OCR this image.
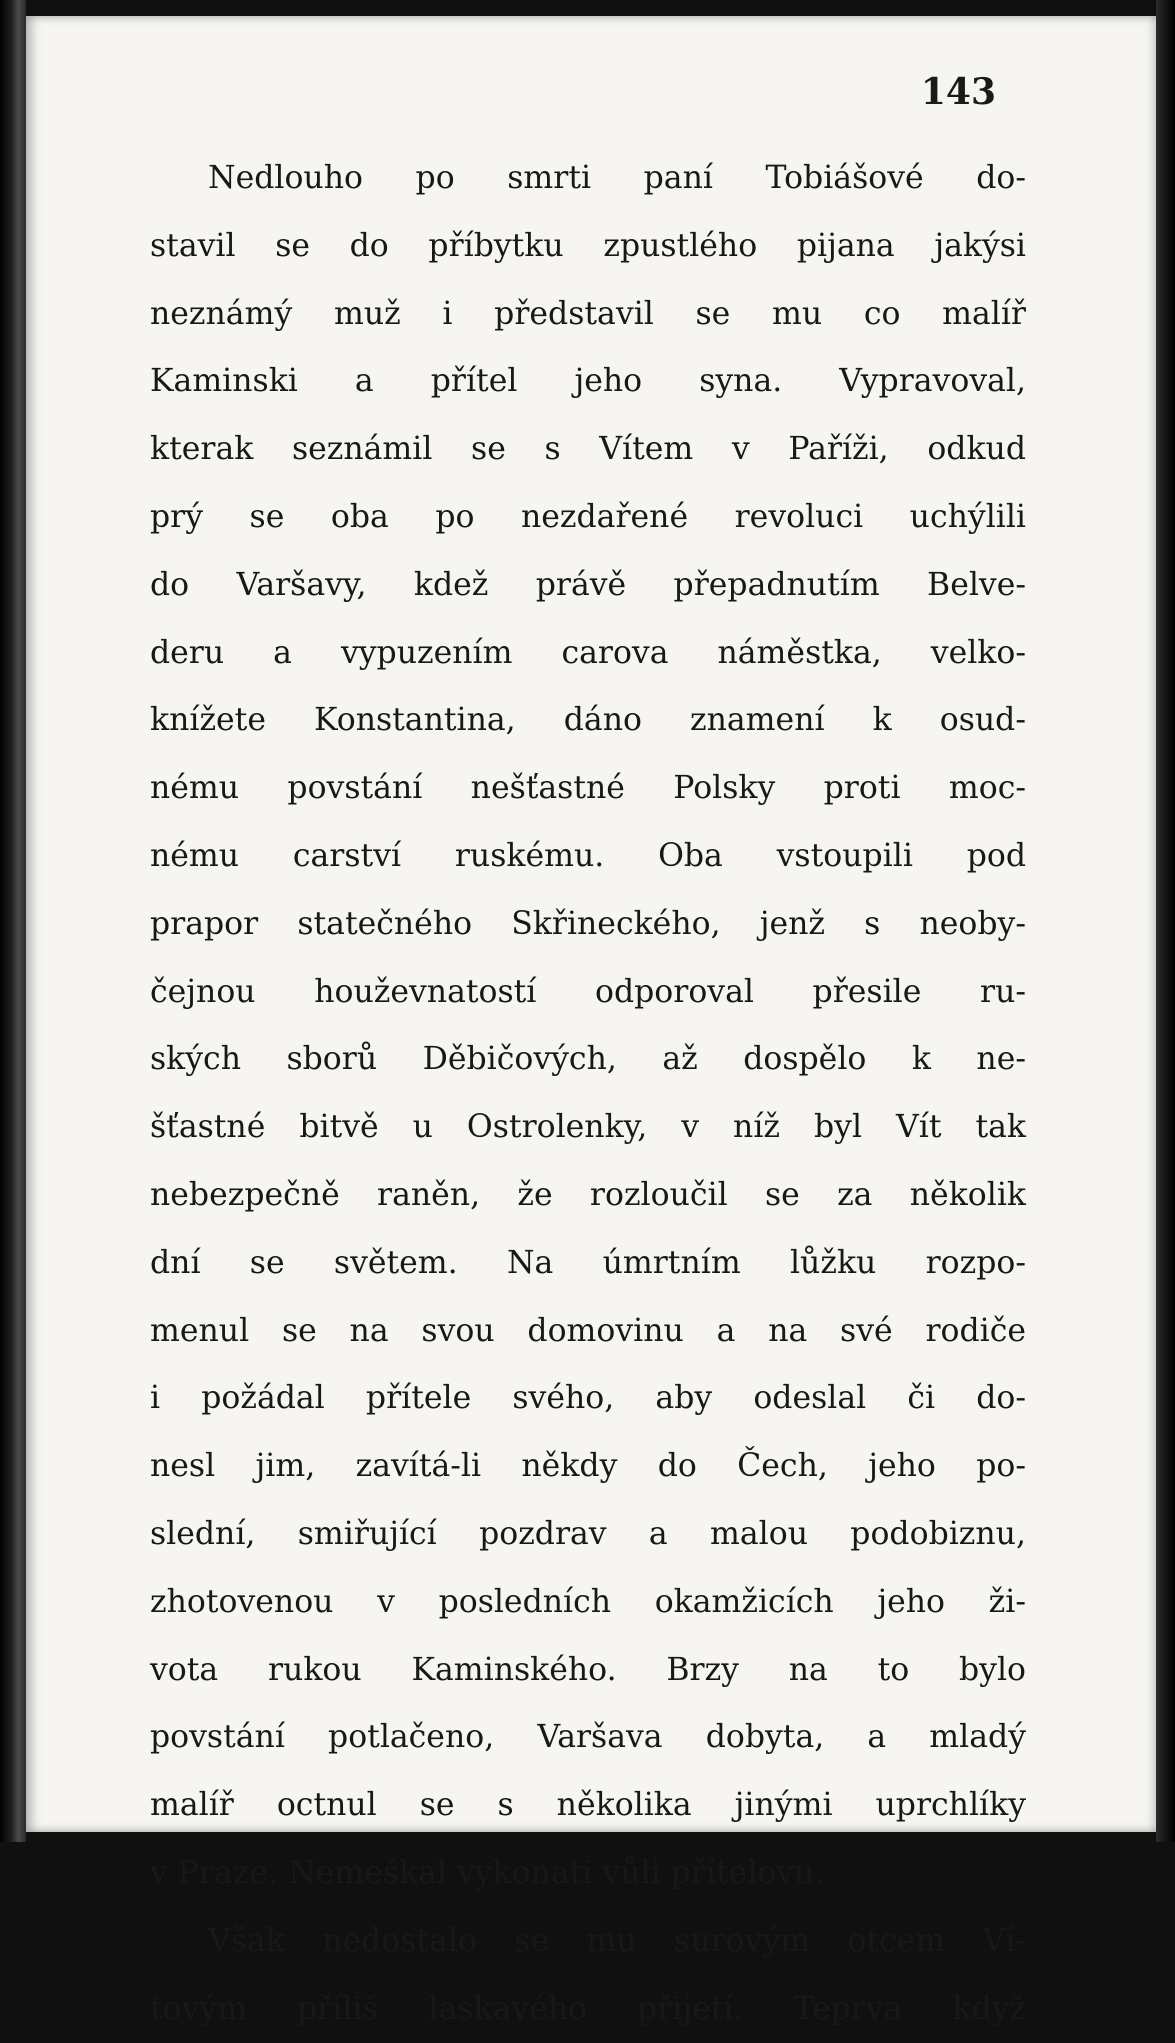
143

Nedlouho po smrti paní Tobiášové do-
stavil se do příbytku zpustlého pijana jakýsi
neznámý muž i představil se mu co malíř
Kaminski a přítel jeho syna. Vypravoval,
kterak seznámil se s Vítem v Paříži, odkud
prý se oba po nezdařené revoluci uchýlili
do Varšavy, kdež právě přepadnutím Belve-
deru a vypuzením carova náměstka, velko-
knížete Konstantina, dáno znamení k osud-
nému povstání nešťastné Polsky proti moc-
nému carství ruskému. Oba vstoupili pod
prapor statečného Skřineckého, jenž s neoby-
čejnou houževnatostí odporoval přesile ru-
ských sborů Děbičových, až dospělo k ne-
šťastné bitvě u Ostrolenky, v níž byl Vít tak
nebezpečně raněn, že rozloučil se za několik
dní se světem. Na úmrtním lůžku rozpo-
menul se na svou domovinu a na své rodiče
i požádal přítele svého, aby odeslal či do-
nesl jim, zavítá-li někdy do Čech, jeho po-
slední, smiřující pozdrav a malou podobiznu,
zhotovenou v posledních okamžicích jeho ži-
vota rukou Kaminského. Brzy na to bylo
povstání potlačeno, Varšava dobyta, a mladý
malíř octnul se s několika jinými uprchlíky
v Praze. Nemeškal vykonati vůli přítelovu.
Však nedostalo se mu surovým otcem Ví-
tovým příliš laskavého přijetí. Teprva když
